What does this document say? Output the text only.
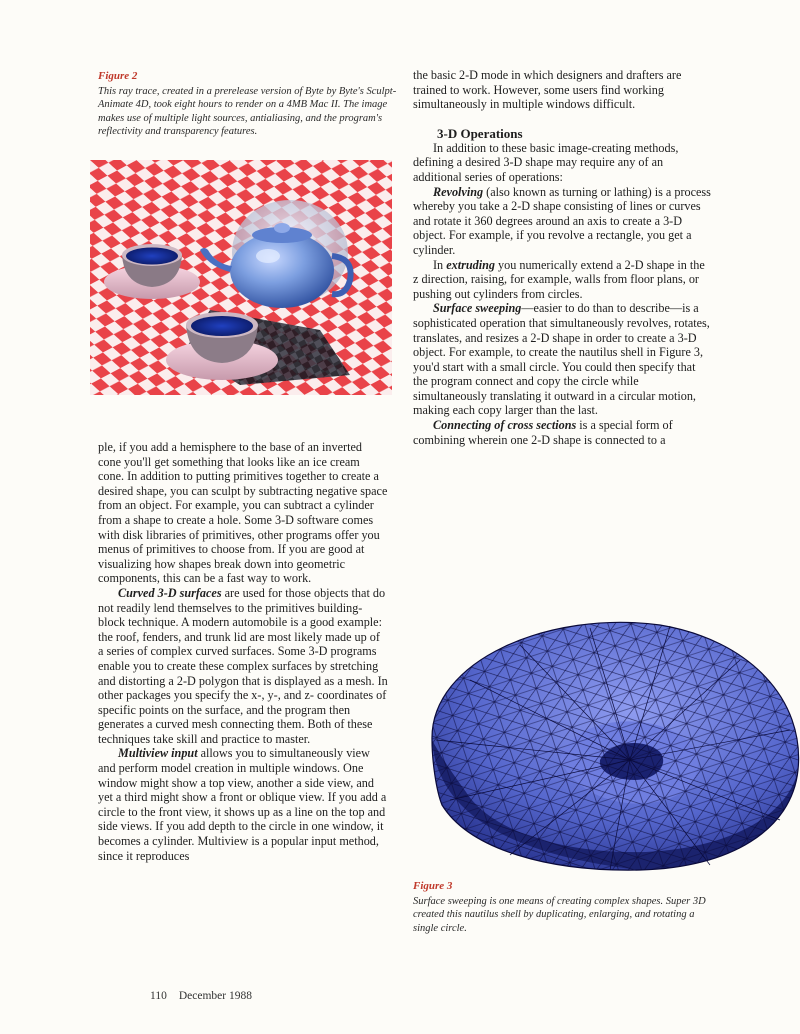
Figure 2
This ray trace, created in a prerelease version of Byte by Byte's Sculpt-Animate 4D, took eight hours to render on a 4MB Mac II. The image makes use of multiple light sources, antialiasing, and the program's reflectivity and transparency features.

ple, if you add a hemisphere to the base of an inverted cone you'll get something that looks like an ice cream cone. In addition to putting primitives together to create a desired shape, you can sculpt by subtracting negative space from an object. For example, you can subtract a cylinder from a shape to create a hole. Some 3-D software comes with disk libraries of primitives, other programs offer you menus of primitives to choose from. If you are good at visualizing how shapes break down into geometric components, this can be a fast way to work.

Curved 3-D surfaces are used for those objects that do not readily lend themselves to the primitives building-block technique. A modern automobile is a good example: the roof, fenders, and trunk lid are most likely made up of a series of complex curved surfaces. Some 3-D programs enable you to create these complex surfaces by stretching and distorting a 2-D polygon that is displayed as a mesh. In other packages you specify the x-, y-, and z- coordinates of specific points on the surface, and the program then generates a curved mesh connecting them. Both of these techniques take skill and practice to master.

Multiview input allows you to simultaneously view and perform model creation in multiple windows. One window might show a top view, another a side view, and yet a third might show a front or oblique view. If you add a circle to the front view, it shows up as a line on the top and side views. If you add depth to the circle in one window, it becomes a cylinder. Multiview is a popular input method, since it reproduces

the basic 2-D mode in which designers and drafters are trained to work. However, some users find working simultaneously in multiple windows difficult.

3-D Operations

In addition to these basic image-creating methods, defining a desired 3-D shape may require any of an additional series of operations:

Revolving (also known as turning or lathing) is a process whereby you take a 2-D shape consisting of lines or curves and rotate it 360 degrees around an axis to create a 3-D object. For example, if you revolve a rectangle, you get a cylinder.

In extruding you numerically extend a 2-D shape in the z direction, raising, for example, walls from floor plans, or pushing out cylinders from circles.

Surface sweeping—easier to do than to describe—is a sophisticated operation that simultaneously revolves, rotates, translates, and resizes a 2-D shape in order to create a 3-D object. For example, to create the nautilus shell in Figure 3, you'd start with a small circle. You could then specify that the program connect and copy the circle while simultaneously translating it outward in a circular motion, making each copy larger than the last.

Connecting of cross sections is a special form of combining wherein one 2-D shape is connected to a

Figure 3
Surface sweeping is one means of creating complex shapes. Super 3D created this nautilus shell by duplicating, enlarging, and rotating a single circle.
110 December 1988
